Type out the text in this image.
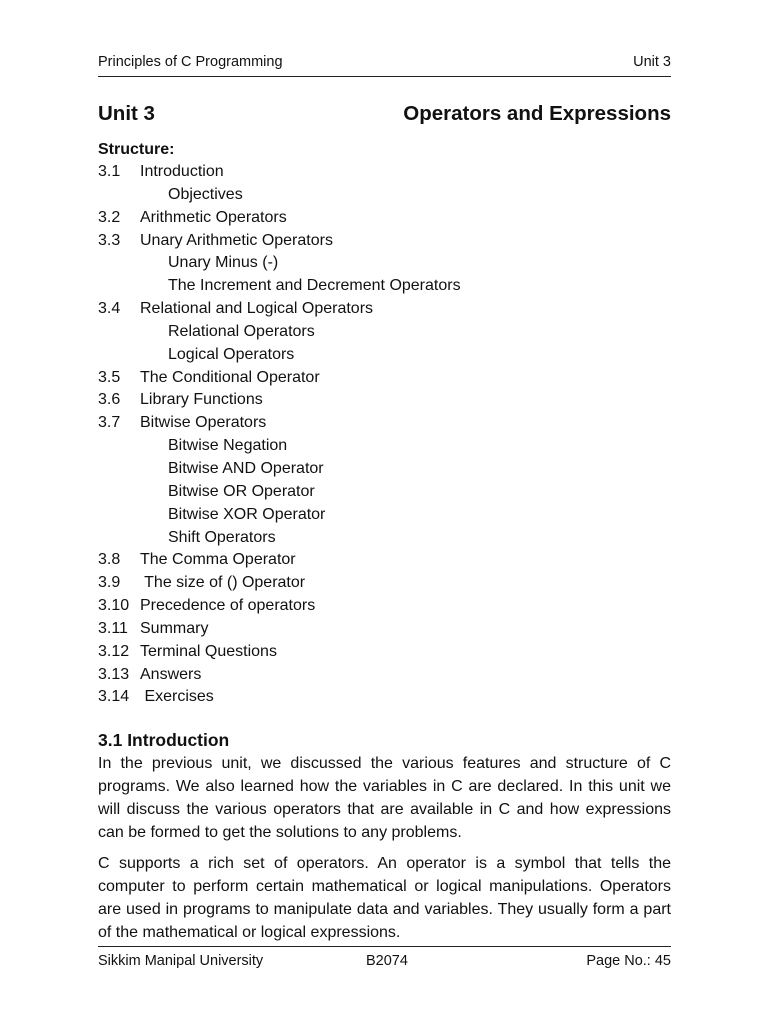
Principles of C Programming	Unit 3
Unit 3	Operators and Expressions
Structure:
3.1 Introduction
Objectives
3.2 Arithmetic Operators
3.3 Unary Arithmetic Operators
Unary Minus (-)
The Increment and Decrement Operators
3.4 Relational and Logical Operators
Relational Operators
Logical Operators
3.5 The Conditional Operator
3.6 Library Functions
3.7 Bitwise Operators
Bitwise Negation
Bitwise AND Operator
Bitwise OR Operator
Bitwise XOR Operator
Shift Operators
3.8 The Comma Operator
3.9 The size of () Operator
3.10 Precedence of operators
3.11 Summary
3.12 Terminal Questions
3.13 Answers
3.14 Exercises
3.1 Introduction

In the previous unit, we discussed the various features and structure of C programs. We also learned how the variables in C are declared. In this unit we will discuss the various operators that are available in C and how expressions can be formed to get the solutions to any problems.

C supports a rich set of operators. An operator is a symbol that tells the computer to perform certain mathematical or logical manipulations. Operators are used in programs to manipulate data and variables. They usually form a part of the mathematical or logical expressions.

Sikkim Manipal University	B2074	Page No.: 45
